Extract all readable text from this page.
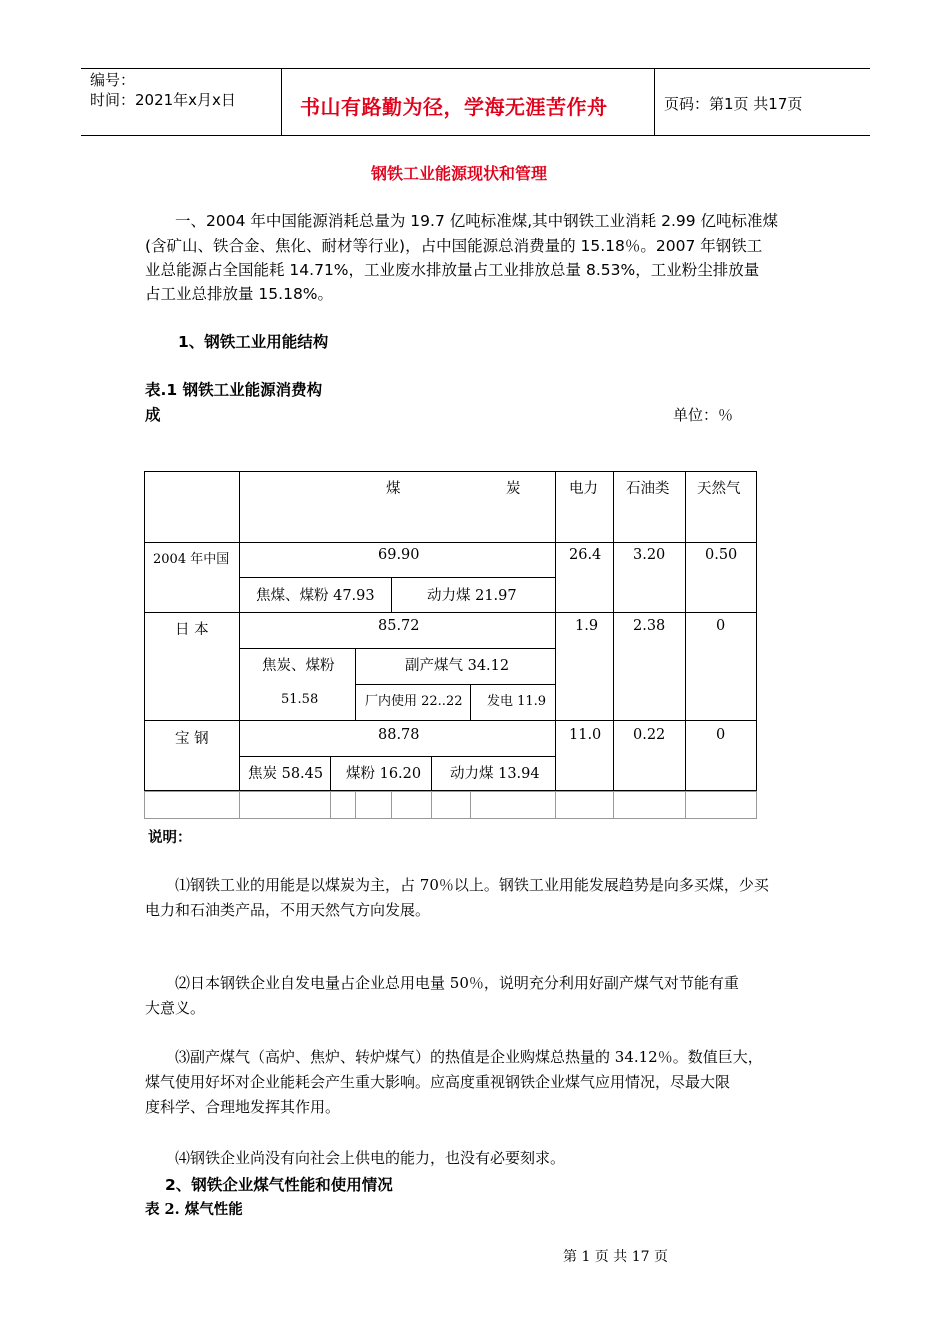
编号：
时间：2021年x月x日	书山有路勤为径，学海无涯苦作舟	页码：第1页 共17页
钢铁工业能源现状和管理
一、2004 年中国能源消耗总量为 19.7 亿吨标准煤,其中钢铁工业消耗 2.99 亿吨标准煤
(含矿山、铁合金、焦化、耐材等行业)，占中国能源总消费量的 15.18％。2007 年钢铁工
业总能源占全国能耗 14.71%，工业废水排放量占工业排放总量 8.53%，工业粉尘排放量
占工业总排放量 15.18%。
1、钢铁工业用能结构
表.1 钢铁工业能源消费构
成	单位：％
煤	炭	电力 石油类 天然气
2004 年中国	69.90	26.4 3.20	0.50
焦煤、煤粉 47.93	动力煤 21.97
日 本	85.72	1.9 2.38	0
焦炭、煤粉
51.58
副产煤气 34.12
厂内使用 22..22 发电 11.9
宝 钢	88.78	11.0 0.22	0
焦炭 58.45 煤粉 16.20 动力煤 13.94
说明：
⑴钢铁工业的用能是以煤炭为主，占 70％以上。钢铁工业用能发展趋势是向多买煤，少买
电力和石油类产品，不用天然气方向发展。
⑵日本钢铁企业自发电量占企业总用电量 50％，说明充分利用好副产煤气对节能有重
大意义。
⑶副产煤气（高炉、焦炉、转炉煤气）的热值是企业购煤总热量的 34.12％。数值巨大，
煤气使用好坏对企业能耗会产生重大影响。应高度重视钢铁企业煤气应用情况，尽最大限
度科学、合理地发挥其作用。
⑷钢铁企业尚没有向社会上供电的能力，也没有必要刻求。
2、钢铁企业煤气性能和使用情况
表 2. 煤气性能
第 1 页 共 17 页
